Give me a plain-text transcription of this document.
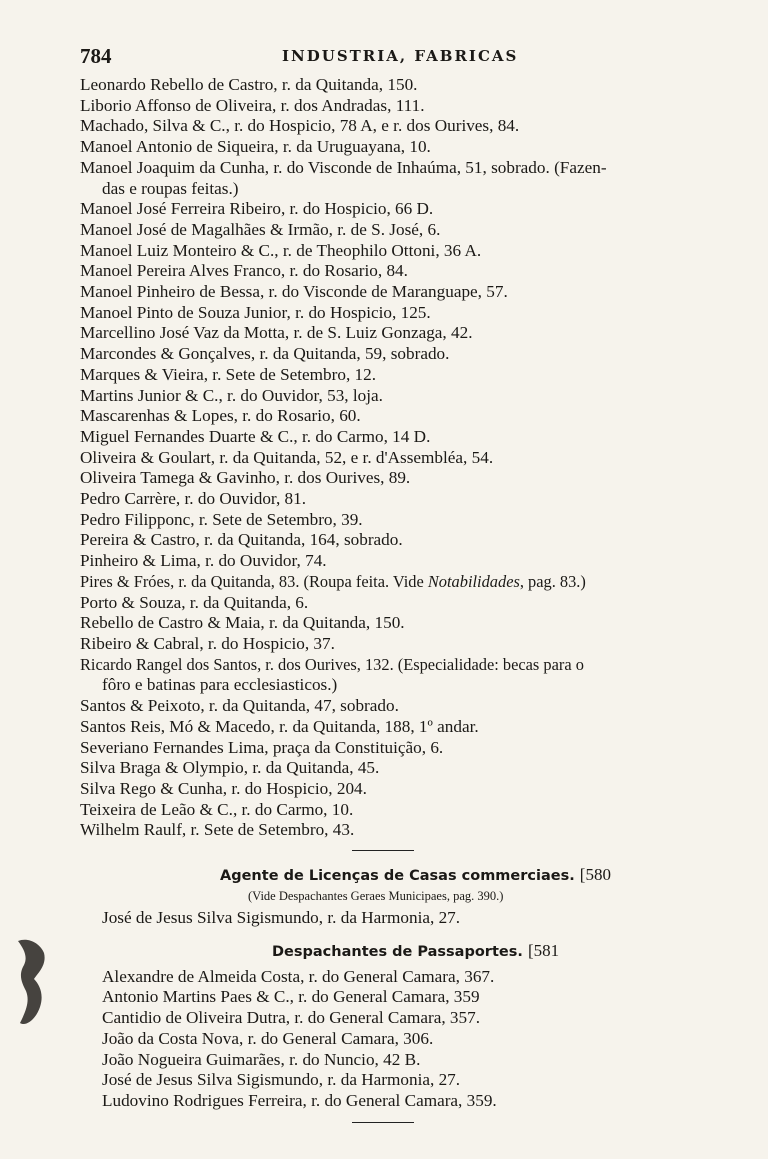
784	INDUSTRIA, FABRICAS
Leonardo Rebello de Castro, r. da Quitanda, 150.
Liborio Affonso de Oliveira, r. dos Andradas, 111.
Machado, Silva & C., r. do Hospicio, 78 A, e r. dos Ourives, 84.
Manoel Antonio de Siqueira, r. da Uruguayana, 10.
Manoel Joaquim da Cunha, r. do Visconde de Inhaúma, 51, sobrado. (Fazen-
das e roupas feitas.)
Manoel José Ferreira Ribeiro, r. do Hospicio, 66 D.
Manoel José de Magalhães & Irmão, r. de S. José, 6.
Manoel Luiz Monteiro & C., r. de Theophilo Ottoni, 36 A.
Manoel Pereira Alves Franco, r. do Rosario, 84.
Manoel Pinheiro de Bessa, r. do Visconde de Maranguape, 57.
Manoel Pinto de Souza Junior, r. do Hospicio, 125.
Marcellino José Vaz da Motta, r. de S. Luiz Gonzaga, 42.
Marcondes & Gonçalves, r. da Quitanda, 59, sobrado.
Marques & Vieira, r. Sete de Setembro, 12.
Martins Junior & C., r. do Ouvidor, 53, loja.
Mascarenhas & Lopes, r. do Rosario, 60.
Miguel Fernandes Duarte & C., r. do Carmo, 14 D.
Oliveira & Goulart, r. da Quitanda, 52, e r. d'Assembléa, 54.
Oliveira Tamega & Gavinho, r. dos Ourives, 89.
Pedro Carrère, r. do Ouvidor, 81.
Pedro Filipponc, r. Sete de Setembro, 39.
Pereira & Castro, r. da Quitanda, 164, sobrado.
Pinheiro & Lima, r. do Ouvidor, 74.
Pires & Fróes, r. da Quitanda, 83. (Roupa feita. Vide Notabilidades, pag. 83.)
Porto & Souza, r. da Quitanda, 6.
Rebello de Castro & Maia, r. da Quitanda, 150.
Ribeiro & Cabral, r. do Hospicio, 37.
Ricardo Rangel dos Santos, r. dos Ourives, 132. (Especialidade: becas para o
fôro e batinas para ecclesiasticos.)
Santos & Peixoto, r. da Quitanda, 47, sobrado.
Santos Reis, Mó & Macedo, r. da Quitanda, 188, 1º andar.
Severiano Fernandes Lima, praça da Constituição, 6.
Silva Braga & Olympio, r. da Quitanda, 45.
Silva Rego & Cunha, r. do Hospicio, 204.
Teixeira de Leão & C., r. do Carmo, 10.
Wilhelm Raulf, r. Sete de Setembro, 43.
Agente de Licenças de Casas commerciaes. [580
(Vide Despachantes Geraes Municipaes, pag. 390.)
José de Jesus Silva Sigismundo, r. da Harmonia, 27.
Despachantes de Passaportes. [581
Alexandre de Almeida Costa, r. do General Camara, 367.
Antonio Martins Paes & C., r. do General Camara, 359
Cantidio de Oliveira Dutra, r. do General Camara, 357.
João da Costa Nova, r. do General Camara, 306.
João Nogueira Guimarães, r. do Nuncio, 42 B.
José de Jesus Silva Sigismundo, r. da Harmonia, 27.
Ludovino Rodrigues Ferreira, r. do General Camara, 359.
